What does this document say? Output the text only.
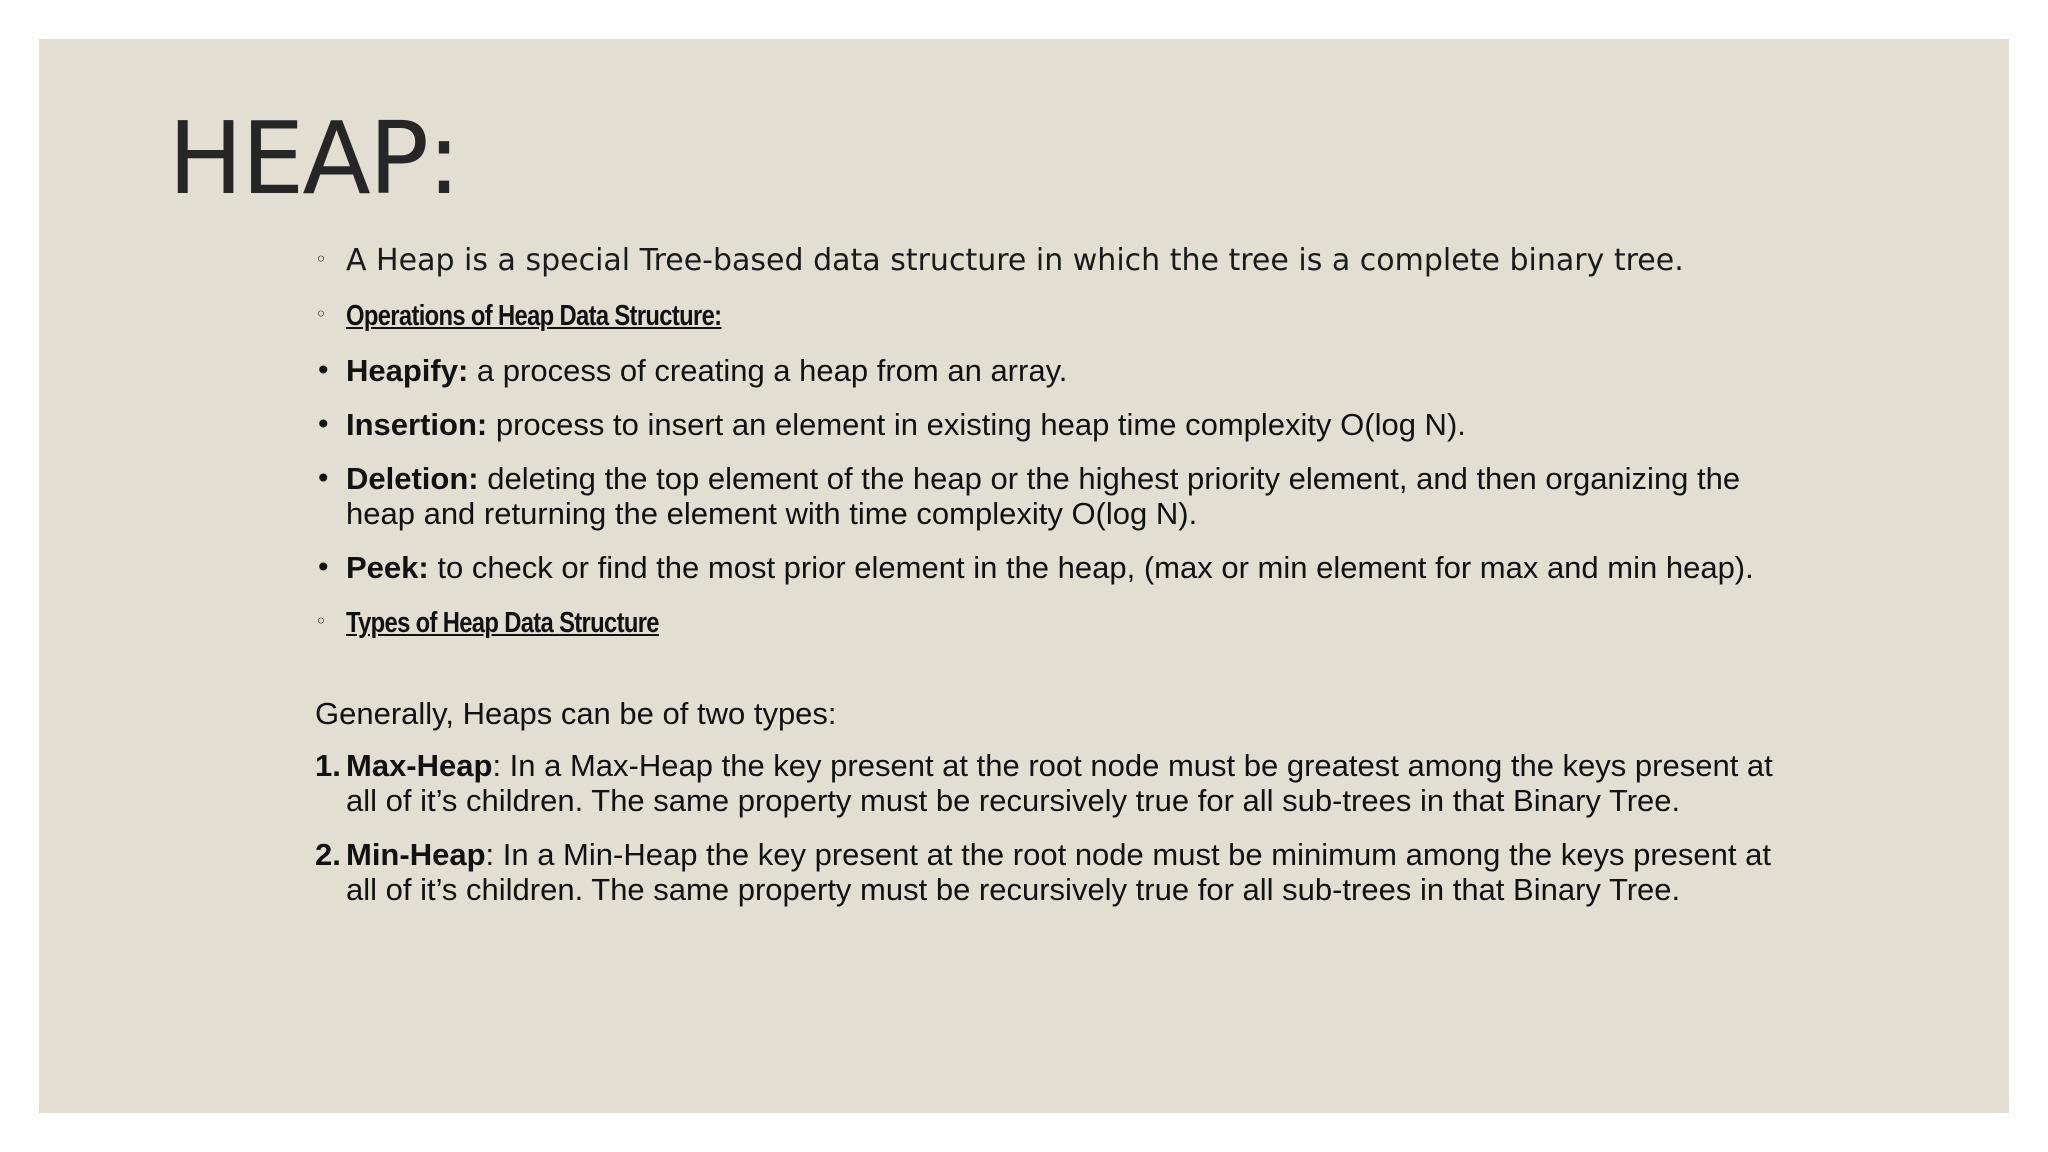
HEAP:
◦ A Heap is a special Tree-based data structure in which the tree is a complete binary tree.
◦ Operations of Heap Data Structure:
• Heapify: a process of creating a heap from an array.
• Insertion: process to insert an element in existing heap time complexity O(log N).
• Deletion: deleting the top element of the heap or the highest priority element, and then organizing the heap and returning the element with time complexity O(log N).
• Peek: to check or find the most prior element in the heap, (max or min element for max and min heap).
◦ Types of Heap Data Structure
Generally, Heaps can be of two types:
1. Max-Heap: In a Max-Heap the key present at the root node must be greatest among the keys present at all of it’s children. The same property must be recursively true for all sub-trees in that Binary Tree.
2. Min-Heap: In a Min-Heap the key present at the root node must be minimum among the keys present at all of it’s children. The same property must be recursively true for all sub-trees in that Binary Tree.
